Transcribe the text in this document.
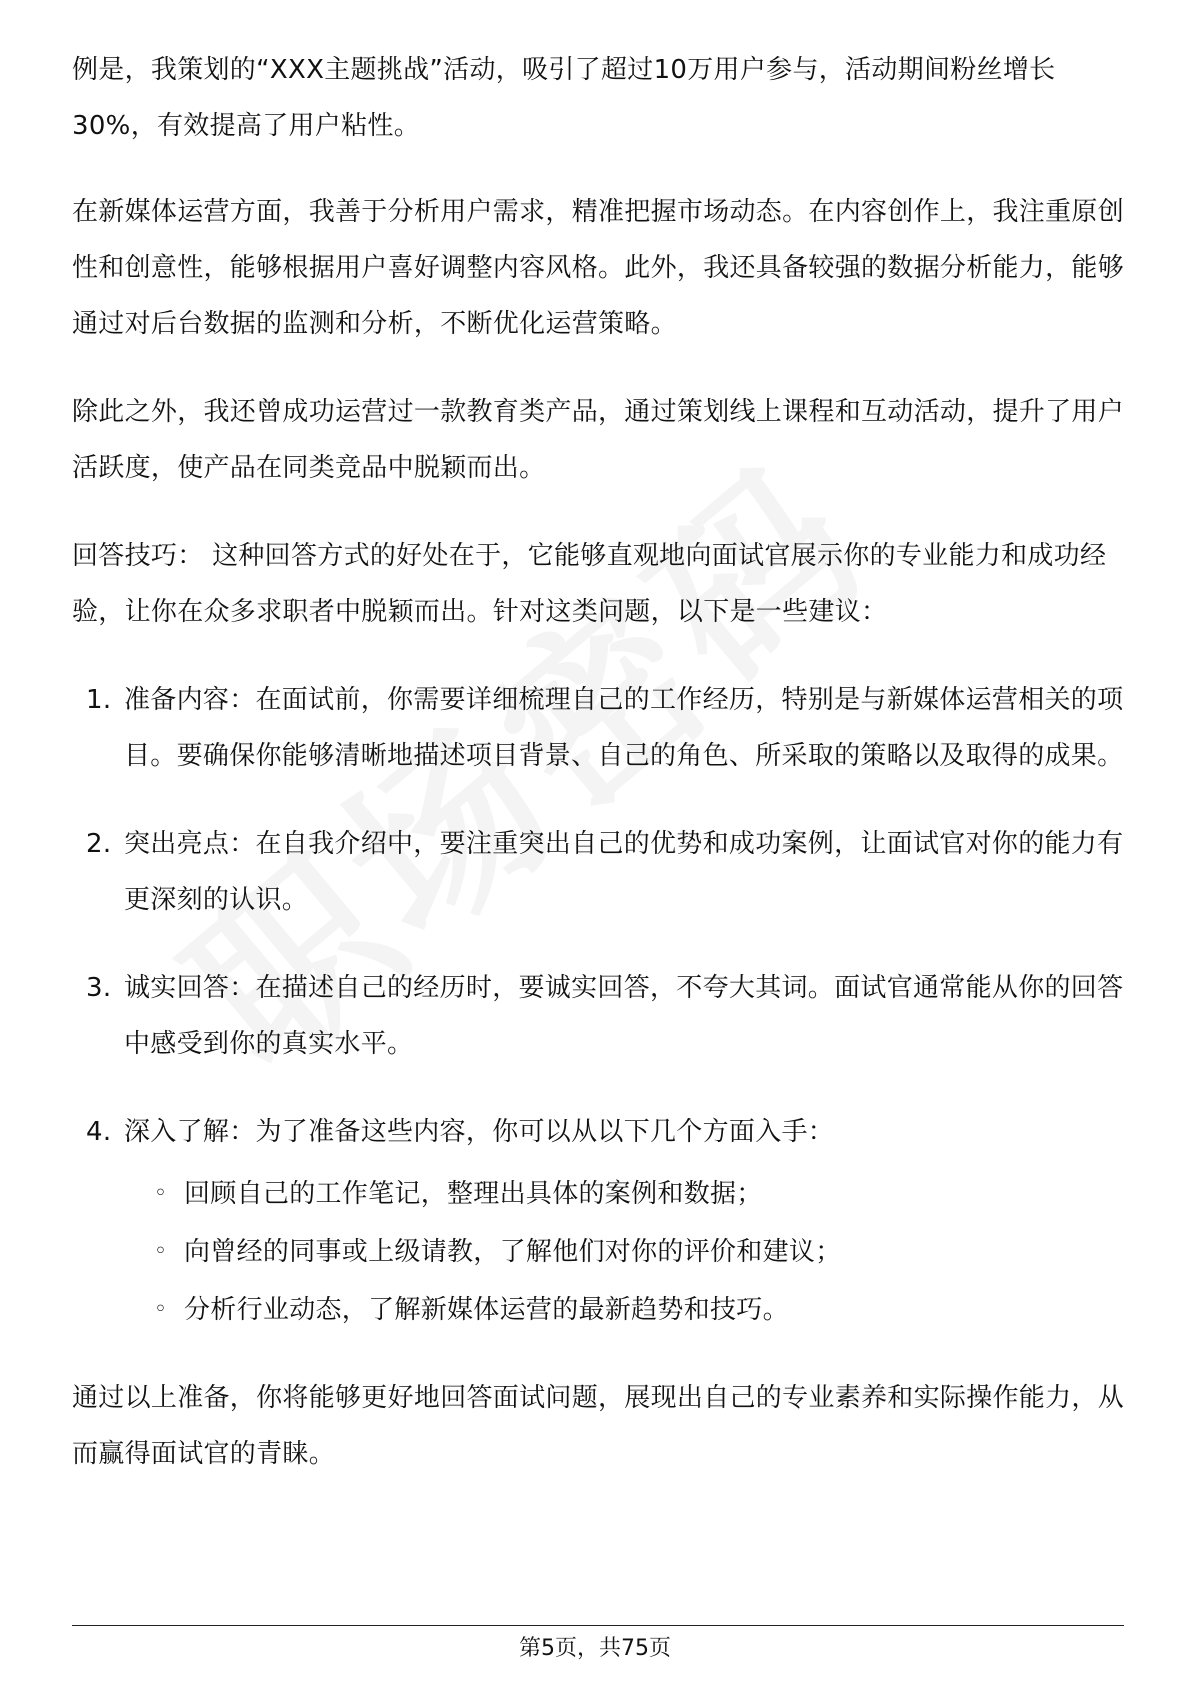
例是，我策划的“XXX主题挑战”活动，吸引了超过10万用户参与，活动期间粉丝增长30%，有效提高了用户粘性。

在新媒体运营方面，我善于分析用户需求，精准把握市场动态。在内容创作上，我注重原创性和创意性，能够根据用户喜好调整内容风格。此外，我还具备较强的数据分析能力，能够通过对后台数据的监测和分析，不断优化运营策略。

除此之外，我还曾成功运营过一款教育类产品，通过策划线上课程和互动活动，提升了用户活跃度，使产品在同类竞品中脱颖而出。

回答技巧： 这种回答方式的好处在于，它能够直观地向面试官展示你的专业能力和成功经验，让你在众多求职者中脱颖而出。针对这类问题，以下是一些建议：

1. 准备内容：在面试前，你需要详细梳理自己的工作经历，特别是与新媒体运营相关的项目。要确保你能够清晰地描述项目背景、自己的角色、所采取的策略以及取得的成果。
2. 突出亮点：在自我介绍中，要注重突出自己的优势和成功案例，让面试官对你的能力有更深刻的认识。
3. 诚实回答：在描述自己的经历时，要诚实回答，不夸大其词。面试官通常能从你的回答中感受到你的真实水平。
4. 深入了解：为了准备这些内容，你可以从以下几个方面入手：
◦ 回顾自己的工作笔记，整理出具体的案例和数据；
◦ 向曾经的同事或上级请教，了解他们对你的评价和建议；
◦ 分析行业动态，了解新媒体运营的最新趋势和技巧。

通过以上准备，你将能够更好地回答面试问题，展现出自己的专业素养和实际操作能力，从而赢得面试官的青睐。

第5页，共75页
